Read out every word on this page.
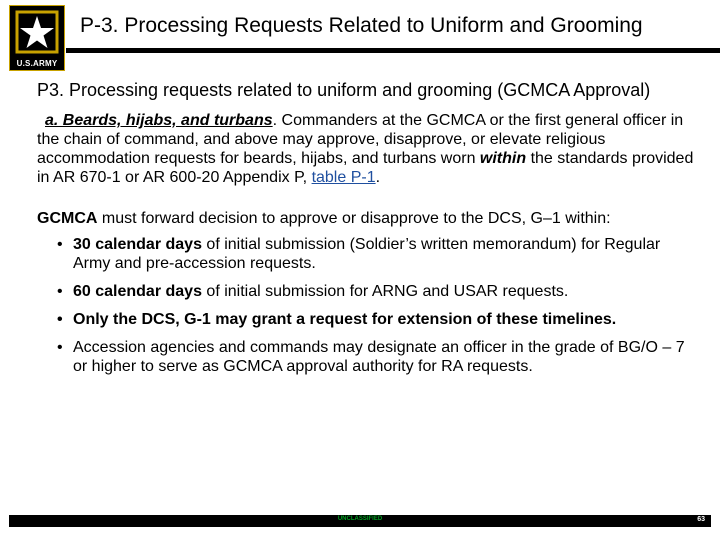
U.S.ARMY
P-3. Processing Requests Related to Uniform and Grooming

P3. Processing requests related to uniform and grooming (GCMCA Approval)

a. Beards, hijabs, and turbans. Commanders at the GCMCA or the first general officer in the chain of command, and above may approve, disapprove, or elevate religious accommodation requests for beards, hijabs, and turbans worn within the standards provided in AR 670-1 or AR 600-20 Appendix P, table P-1.
GCMCA must forward decision to approve or disapprove to the DCS, G–1 within:
• 30 calendar days of initial submission (Soldier’s written memorandum) for Regular Army and pre-accession requests.
• 60 calendar days of initial submission for ARNG and USAR requests.
• Only the DCS, G-1 may grant a request for extension of these timelines.
• Accession agencies and commands may designate an officer in the grade of BG/O – 7 or higher to serve as GCMCA approval authority for RA requests.
UNCLASSIFIED	63
